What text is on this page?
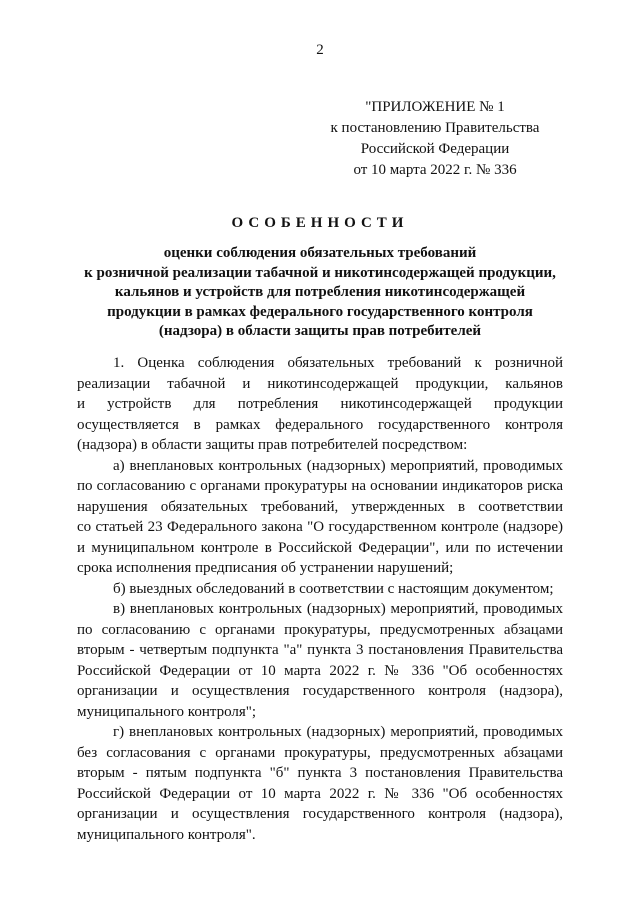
2
"ПРИЛОЖЕНИЕ № 1
к постановлению Правительства
Российской Федерации
от 10 марта 2022 г. № 336
ОСОБЕННОСТИ
оценки соблюдения обязательных требований
к розничной реализации табачной и никотинсодержащей продукции,
кальянов и устройств для потребления никотинсодержащей
продукции в рамках федерального государственного контроля
(надзора) в области защиты прав потребителей

1. Оценка соблюдения обязательных требований к розничной
реализации табачной и никотинсодержащей продукции, кальянов
и устройств для потребления никотинсодержащей продукции
осуществляется в рамках федерального государственного контроля
(надзора) в области защиты прав потребителей посредством:

а) внеплановых контрольных (надзорных) мероприятий, проводимых
по согласованию с органами прокуратуры на основании индикаторов риска
нарушения обязательных требований, утвержденных в соответствии
со статьей 23 Федерального закона "О государственном контроле (надзоре)
и муниципальном контроле в Российской Федерации", или по истечении
срока исполнения предписания об устранении нарушений;

б) выездных обследований в соответствии с настоящим документом;

в) внеплановых контрольных (надзорных) мероприятий, проводимых
по согласованию с органами прокуратуры, предусмотренных абзацами
вторым - четвертым подпункта "а" пункта 3 постановления Правительства
Российской Федерации от 10 марта 2022 г. № 336 "Об особенностях
организации и осуществления государственного контроля (надзора),
муниципального контроля";

г) внеплановых контрольных (надзорных) мероприятий, проводимых
без согласования с органами прокуратуры, предусмотренных абзацами
вторым - пятым подпункта "б" пункта 3 постановления Правительства
Российской Федерации от 10 марта 2022 г. № 336 "Об особенностях
организации и осуществления государственного контроля (надзора),
муниципального контроля".
